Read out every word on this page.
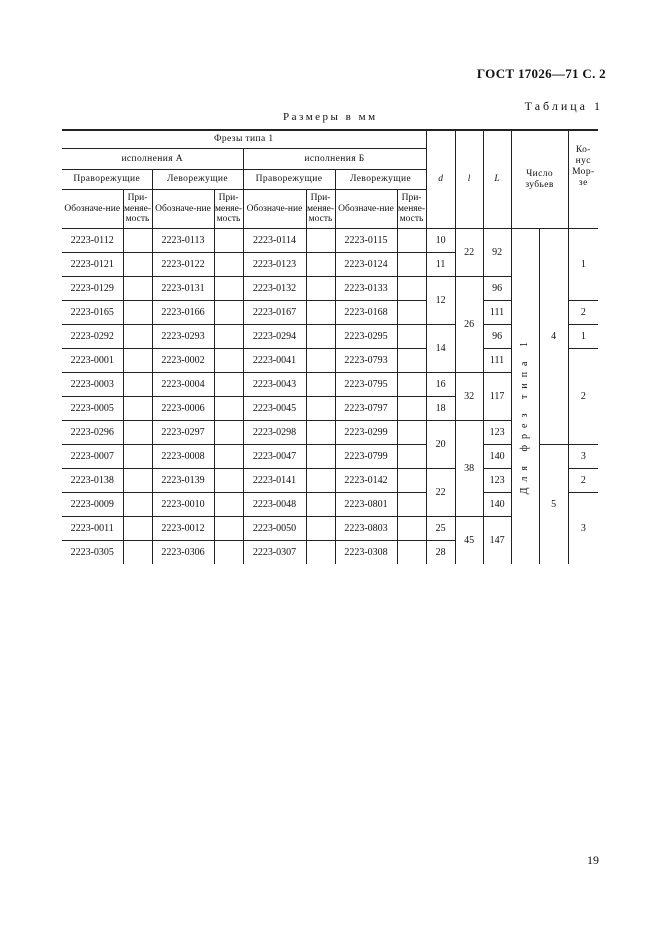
ГОСТ 17026—71 С. 2
Таблица 1
Размеры в мм
Фрезы типа 1								d	l	L	Число зубьев		Ко-нус Мор-зе
исполнения А				исполнения Б									
Праворежущие		Леворежущие		Праворежущие		Леворежущие							
Обозначе-ние	При-меняе-мость	Обозначе-ние	При-меняе-мость	Обозначе-ние	При-меняе-мость	Обозначе-ние	При-меняе-мость						
2223-0112		2223-0113		2223-0114		2223-0115		10	22	92	Для фрез типа 1	4	1
2223-0121		2223-0122		2223-0123		2223-0124		11					
2223-0129		2223-0131		2223-0132		2223-0133		12	26	96			
2223-0165		2223-0166		2223-0167		2223-0168				111			2
2223-0292		2223-0293		2223-0294		2223-0295		14		96			1
2223-0001		2223-0002		2223-0041		2223-0793				111			2
2223-0003		2223-0004		2223-0043		2223-0795		16	32	117			
2223-0005		2223-0006		2223-0045		2223-0797		18					
2223-0296		2223-0297		2223-0298		2223-0299		20	38	123			
2223-0007		2223-0008		2223-0047		2223-0799				140		5	3
2223-0138		2223-0139		2223-0141		2223-0142		22		123			2
2223-0009		2223-0010		2223-0048		2223-0801				140			3
2223-0011		2223-0012		2223-0050		2223-0803		25	45	147			
2223-0305		2223-0306		2223-0307		2223-0308		28					
19
